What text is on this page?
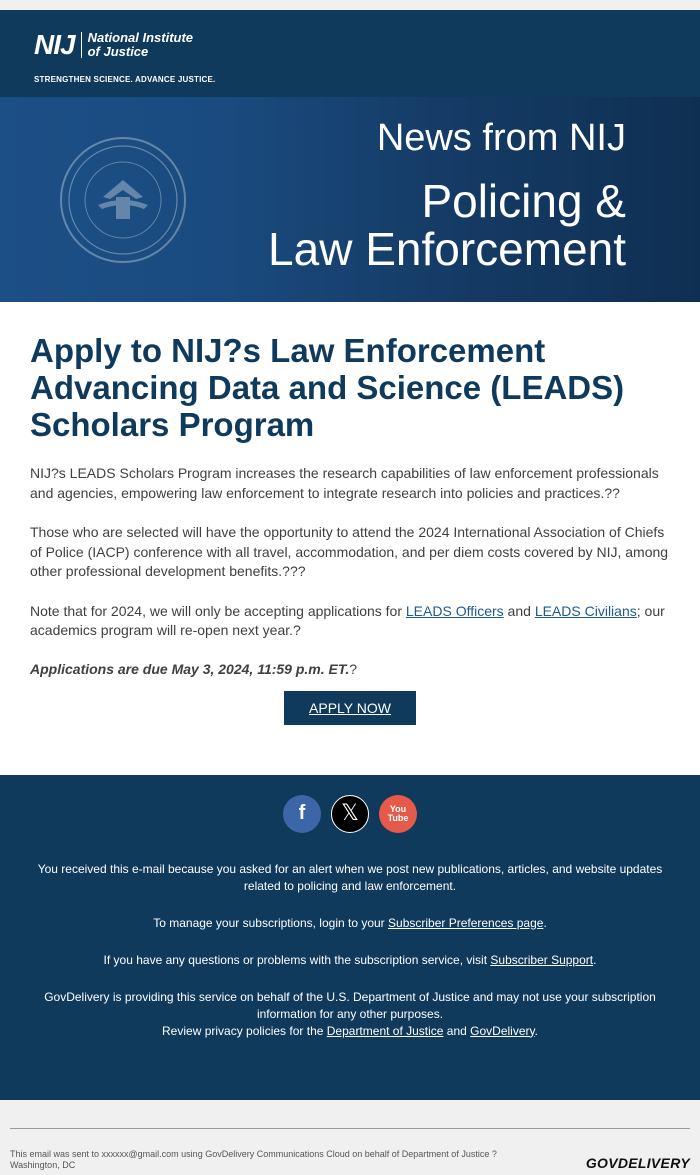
NIJ National Institute
of Justice
STRENGTHEN SCIENCE. ADVANCE JUSTICE.
News from NIJ
Policing &
Law Enforcement
Apply to NIJ?s Law Enforcement Advancing Data and Science (LEADS) Scholars Program

NIJ?s LEADS Scholars Program increases the research capabilities of law enforcement professionals and agencies, empowering law enforcement to integrate research into policies and practices.??

Those who are selected will have the opportunity to attend the 2024 International Association of Chiefs of Police (IACP) conference with all travel, accommodation, and per diem costs covered by NIJ, among other professional development benefits.???

Note that for 2024, we will only be accepting applications for LEADS Officers and LEADS Civilians; our academics program will re-open next year.?

Applications are due May 3, 2024, 11:59 p.m. ET.?

APPLY NOW
f	𝕏	You
Tube

You received this e-mail because you asked for an alert when we post new publications, articles, and website updates related to policing and law enforcement.

To manage your subscriptions, login to your Subscriber Preferences page.

If you have any questions or problems with the subscription service, visit Subscriber Support.

GovDelivery is providing this service on behalf of the U.S. Department of Justice and may not use your subscription information for any other purposes.
Review privacy policies for the Department of Justice and GovDelivery.

This email was sent to xxxxxx@gmail.com using GovDelivery Communications Cloud on behalf of Department of Justice ?
Washington, DC	GOVDELIVERY
